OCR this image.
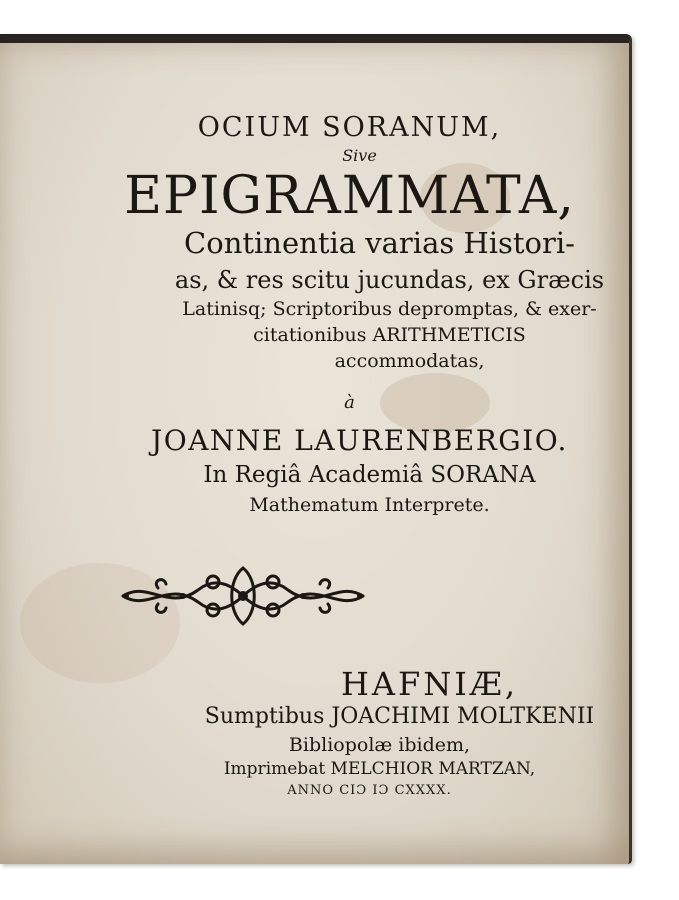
OCIUM SORANUM,
Sive
EPIGRAMMATA,
Continentia varias Histori-
as, & res scitu jucundas, ex Græcis
Latinisq; Scriptoribus depromptas, & exer-
citationibus ARITHMETICIS
accommodatas,
à
JOANNE LAURENBERGIO.
In Regiâ Academiâ SORANA
Mathematum Interprete.
HAFNIÆ,
Sumptibus JOACHIMI MOLTKENII
Bibliopolæ ibidem,
Imprimebat MELCHIOR MARTZAN,
ANNO CIƆ IƆ CXXXX.
